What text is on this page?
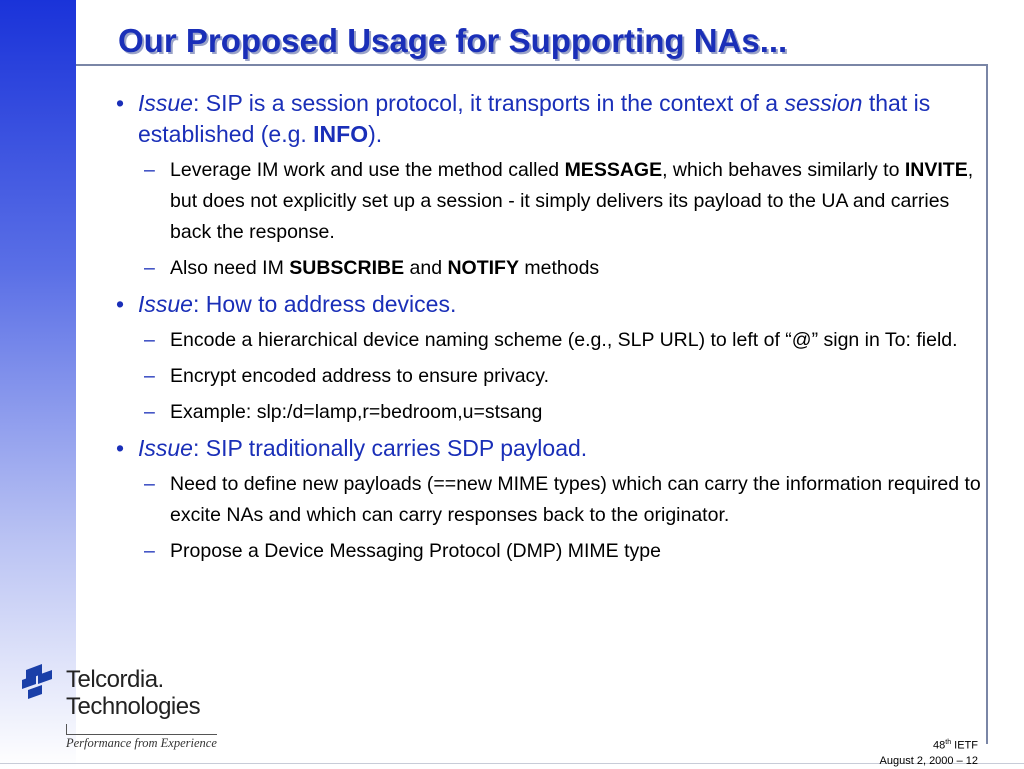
Our Proposed Usage for Supporting NAs...
• Issue: SIP is a session protocol, it transports in the context of a session that is established (e.g. INFO).
– Leverage IM work and use the method called MESSAGE, which behaves similarly to INVITE, but does not explicitly set up a session - it simply delivers its payload to the UA and carries back the response.
– Also need IM SUBSCRIBE and NOTIFY methods
• Issue: How to address devices.
– Encode a hierarchical device naming scheme (e.g., SLP URL) to left of “@” sign in To: field.
– Encrypt encoded address to ensure privacy.
– Example: slp:/d=lamp,r=bedroom,u=stsang
• Issue: SIP traditionally carries SDP payload.
– Need to define new payloads (==new MIME types) which can carry the information required to excite NAs and which can carry responses back to the originator.
– Propose a Device Messaging Protocol (DMP) MIME type
Telcordia.
Technologies
Performance from Experience	48th IETF
August 2, 2000 – 12
